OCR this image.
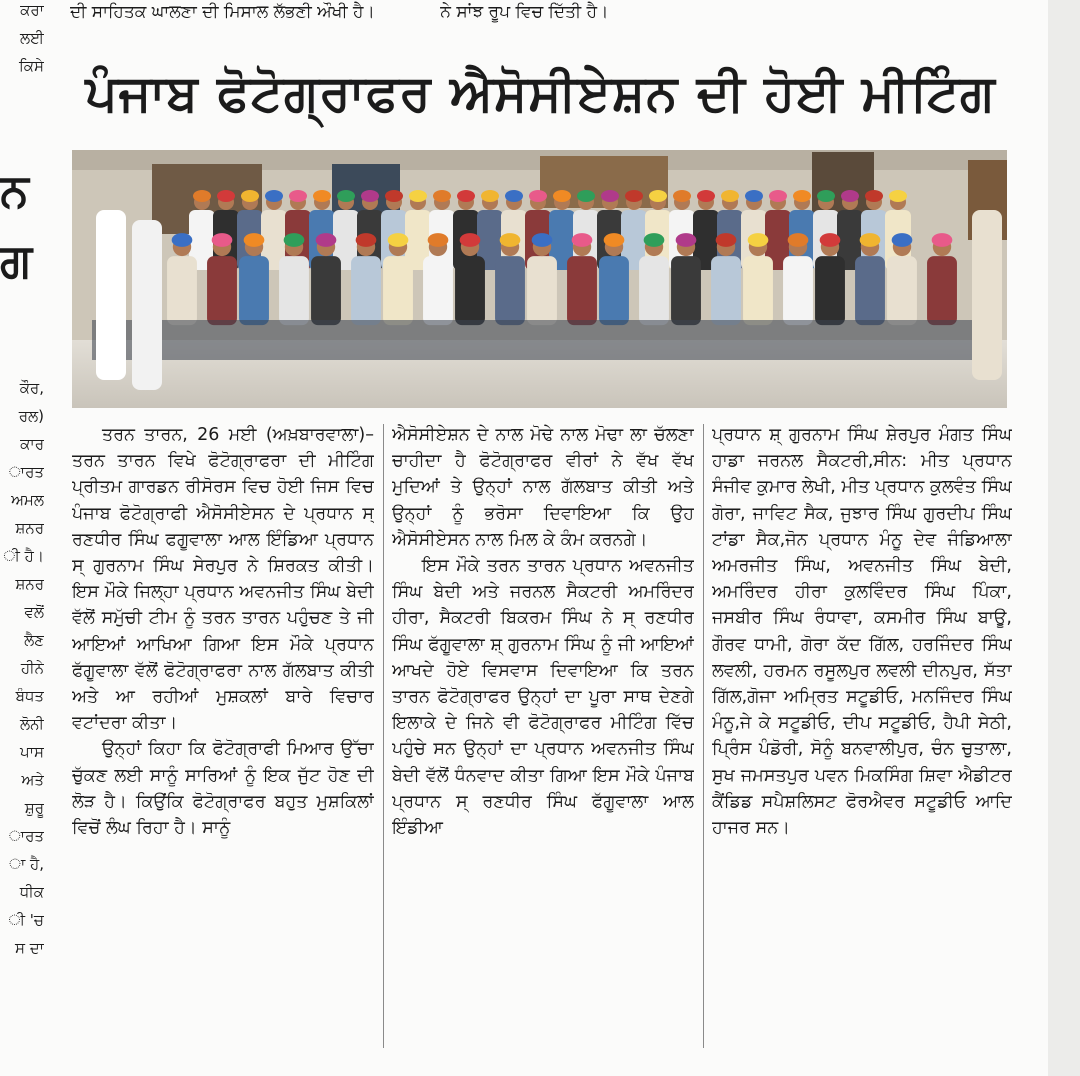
ਦੀ ਸਾਹਿਤਕ ਘਾਲਣਾ ਦੀ ਮਿਸਾਲ ਲੱਭਣੀ ਔਖੀ ਹੈ।	ਨੇ ਸਾਂਝ ਰੂਪ ਵਿਚ ਦਿੱਤੀ ਹੈ।
ਕਰਾ
ਲਈ
ਕਿਸੇ
ਨ
ਗ
ਕੌਰ,
ਰਲ)
ਕਾਰ
ਾਰਤ
ਅਮਲ
ਸ਼ਨਰ
ੀ ਹੈ।
ਸ਼ਨਰ
ਵਲੋਂ
ਲੈਣ
ਹੀਨੇ
ਬੰਧਤ
ਲੋਨੀ
ਪਾਸ
ਅਤੇ
ਸ਼ੁਰੂ
ਾਰਤ
ਾ ਹੈ,
ਧੀਕ
ੀ 'ਚ
ਸ ਦਾ
ਪੰਜਾਬ ਫੋਟੋਗ੍ਰਾਫਰ ਐਸੋਸੀਏਸ਼ਨ ਦੀ ਹੋਈ ਮੀਟਿੰਗ

ਤਰਨ ਤਾਰਨ, 26 ਮਈ (ਅਖ਼ਬਾਰਵਾਲਾ)– ਤਰਨ ਤਾਰਨ ਵਿਖੇ ਫੋਟੋਗ੍ਰਾਫਰਾ ਦੀ ਮੀਟਿੰਗ ਪ੍ਰੀਤਮ ਗਾਰਡਨ ਰੀਸੋਰਸ ਵਿਚ ਹੋਈ ਜਿਸ ਵਿਚ ਪੰਜਾਬ ਫੋਟੋਗ੍ਰਾਫੀ ਐਸੋਸੀਏਸਨ ਦੇ ਪ੍ਰਧਾਨ ਸ੍ ਰਣਧੀਰ ਸਿੰਘ ਫਗੂਵਾਲਾ ਆਲ ਇੰਡਿਆ ਪ੍ਰਧਾਨ ਸ੍ ਗੁਰਨਾਮ ਸਿੰਘ ਸੇਰਪੁਰ ਨੇ ਸ਼ਿਰਕਤ ਕੀਤੀ। ਇਸ ਮੌਕੇ ਜਿਲ੍ਹਾ ਪ੍ਰਧਾਨ ਅਵਨਜੀਤ ਸਿੰਘ ਬੇਦੀ ਵੱਲੋਂ ਸਮੁੱਚੀ ਟੀਮ ਨੂੰ ਤਰਨ ਤਾਰਨ ਪਹੁੰਚਣ ਤੇ ਜੀ ਆਇਆਂ ਆਖਿਆ ਗਿਆ ਇਸ ਮੌਕੇ ਪ੍ਰਧਾਨ ਫੱਗੂਵਾਲਾ ਵੱਲੋਂ ਫੋਟੋਗ੍ਰਾਫਰਾ ਨਾਲ ਗੱਲਬਾਤ ਕੀਤੀ ਅਤੇ ਆ ਰਹੀਆਂ ਮੁਸ਼ਕਲਾਂ ਬਾਰੇ ਵਿਚਾਰ ਵਟਾਂਦਰਾ ਕੀਤਾ।

ਉਨ੍ਹਾਂ ਕਿਹਾ ਕਿ ਫੋਟੋਗ੍ਰਾਫੀ ਮਿਆਰ ਉੱਚਾ ਚੁੱਕਣ ਲਈ ਸਾਨੂੰ ਸਾਰਿਆਂ ਨੂੰ ਇਕ ਜੁੱਟ ਹੋਣ ਦੀ ਲੋੜ ਹੈ। ਕਿਉਂਕਿ ਫੋਟੋਗ੍ਰਾਫਰ ਬਹੁਤ ਮੁਸ਼ਕਿਲਾਂ ਵਿਚੋਂ ਲੰਘ ਰਿਹਾ ਹੈ। ਸਾਨੂੰ

ਐਸੋਸੀਏਸ਼ਨ ਦੇ ਨਾਲ ਮੋਢੇ ਨਾਲ ਮੋਢਾ ਲਾ ਚੱਲਣਾ ਚਾਹੀਦਾ ਹੈ ਫੋਟੋਗ੍ਰਾਫਰ ਵੀਰਾਂ ਨੇ ਵੱਖ ਵੱਖ ਮੁਦਿਆਂ ਤੇ ਉਨ੍ਹਾਂ ਨਾਲ ਗੱਲਬਾਤ ਕੀਤੀ ਅਤੇ ਉਨ੍ਹਾਂ ਨੂੰ ਭਰੋਸਾ ਦਿਵਾਇਆ ਕਿ ਉਹ ਐਸੋਸੀਏਸਨ ਨਾਲ ਮਿਲ ਕੇ ਕੰਮ ਕਰਨਗੇ।

ਇਸ ਮੌਕੇ ਤਰਨ ਤਾਰਨ ਪ੍ਰਧਾਨ ਅਵਨਜੀਤ ਸਿੰਘ ਬੇਦੀ ਅਤੇ ਜਰਨਲ ਸੈਕਟਰੀ ਅਮਰਿੰਦਰ ਹੀਰਾ, ਸੈਕਟਰੀ ਬਿਕਰਮ ਸਿੰਘ ਨੇ ਸ੍ ਰਣਧੀਰ ਸਿੰਘ ਫੱਗੂਵਾਲਾ ਸ਼੍ ਗੁਰਨਾਮ ਸਿੰਘ ਨੂੰ ਜੀ ਆਇਆਂ ਆਖਦੇ ਹੋਏ ਵਿਸਵਾਸ ਦਿਵਾਇਆ ਕਿ ਤਰਨ ਤਾਰਨ ਫੋਟੋਗ੍ਰਾਫਰ ਉਨ੍ਹਾਂ ਦਾ ਪੂਰਾ ਸਾਥ ਦੇਣਗੇ ਇਲਾਕੇ ਦੇ ਜਿਨੇ ਵੀ ਫੋਟੋਗ੍ਰਾਫਰ ਮੀਟਿੰਗ ਵਿੱਚ ਪਹੁੰਚੇ ਸਨ ਉਨ੍ਹਾਂ ਦਾ ਪ੍ਰਧਾਨ ਅਵਨਜੀਤ ਸਿੰਘ ਬੇਦੀ ਵੱਲੋਂ ਧੰਨਵਾਦ ਕੀਤਾ ਗਿਆ ਇਸ ਮੌਕੇ ਪੰਜਾਬ ਪ੍ਰਧਾਨ ਸ੍ ਰਣਧੀਰ ਸਿੰਘ ਫੱਗੂਵਾਲਾ ਆਲ ਇੰਡੀਆ

ਪ੍ਰਧਾਨ ਸ਼੍ ਗੁਰਨਾਮ ਸਿੰਘ ਸ਼ੇਰਪੁਰ ਮੰਗਤ ਸਿੰਘ ਹਾਡਾ ਜਰਨਲ ਸੈਕਟਰੀ,ਸੀਨ: ਮੀਤ ਪ੍ਰਧਾਨ ਸੰਜੀਵ ਕੁਮਾਰ ਲੇਖੀ, ਮੀਤ ਪ੍ਰਧਾਨ ਕੁਲਵੰਤ ਸਿੰਘ ਗੋਰਾ, ਜਾਵਿਟ ਸੈਕ, ਜੁਝਾਰ ਸਿੰਘ ਗੁਰਦੀਪ ਸਿੰਘ ਟਾਂਡਾ ਸੈਕ,ਜੋਨ ਪ੍ਰਧਾਨ ਮੰਨੂ ਦੇਵ ਜੰਡਿਆਲਾ ਅਮਰਜੀਤ ਸਿੰਘ, ਅਵਨਜੀਤ ਸਿੰਘ ਬੇਦੀ, ਅਮਰਿੰਦਰ ਹੀਰਾ ਕੁਲਵਿੰਦਰ ਸਿੰਘ ਪਿੰਕਾ, ਜਸਬੀਰ ਸਿੰਘ ਰੰਧਾਵਾ, ਕਸਮੀਰ ਸਿੰਘ ਬਾਊ, ਗੌਰਵ ਧਾਮੀ, ਗੋਰਾ ਕੱਦ ਗਿੱਲ, ਹਰਜਿੰਦਰ ਸਿੰਘ ਲਵਲੀ, ਹਰਮਨ ਰਸੂਲਪੁਰ ਲਵਲੀ ਦੀਨਪੁਰ, ਸੱਤਾ ਗਿੱਲ,ਗੋਜਾ ਅਮ੍ਰਿਤ ਸਟੂਡੀਓ, ਮਨਜਿੰਦਰ ਸਿੰਘ ਮੰਨੂ,ਜੇ ਕੇ ਸਟੂਡੀਓ, ਦੀਪ ਸਟੂਡੀਓ, ਹੈਪੀ ਸੇਠੀ, ਪ੍ਰਿੰਸ ਪੰਡੋਰੀ, ਸੋਨੂੰ ਬਨਵਾਲੀਪੁਰ, ਚੰਨ ਚੁਤਾਲਾ, ਸੁਖ ਜਮਸਤਪੁਰ ਪਵਨ ਮਿਕਸਿੰਗ ਸ਼ਿਵਾ ਐਡੀਟਰ ਕੈਂਡਿਡ ਸਪੈਸ਼ਲਿਸਟ ਫੋਰਐਵਰ ਸਟੂਡੀਓ ਆਦਿ ਹਾਜਰ ਸਨ।
